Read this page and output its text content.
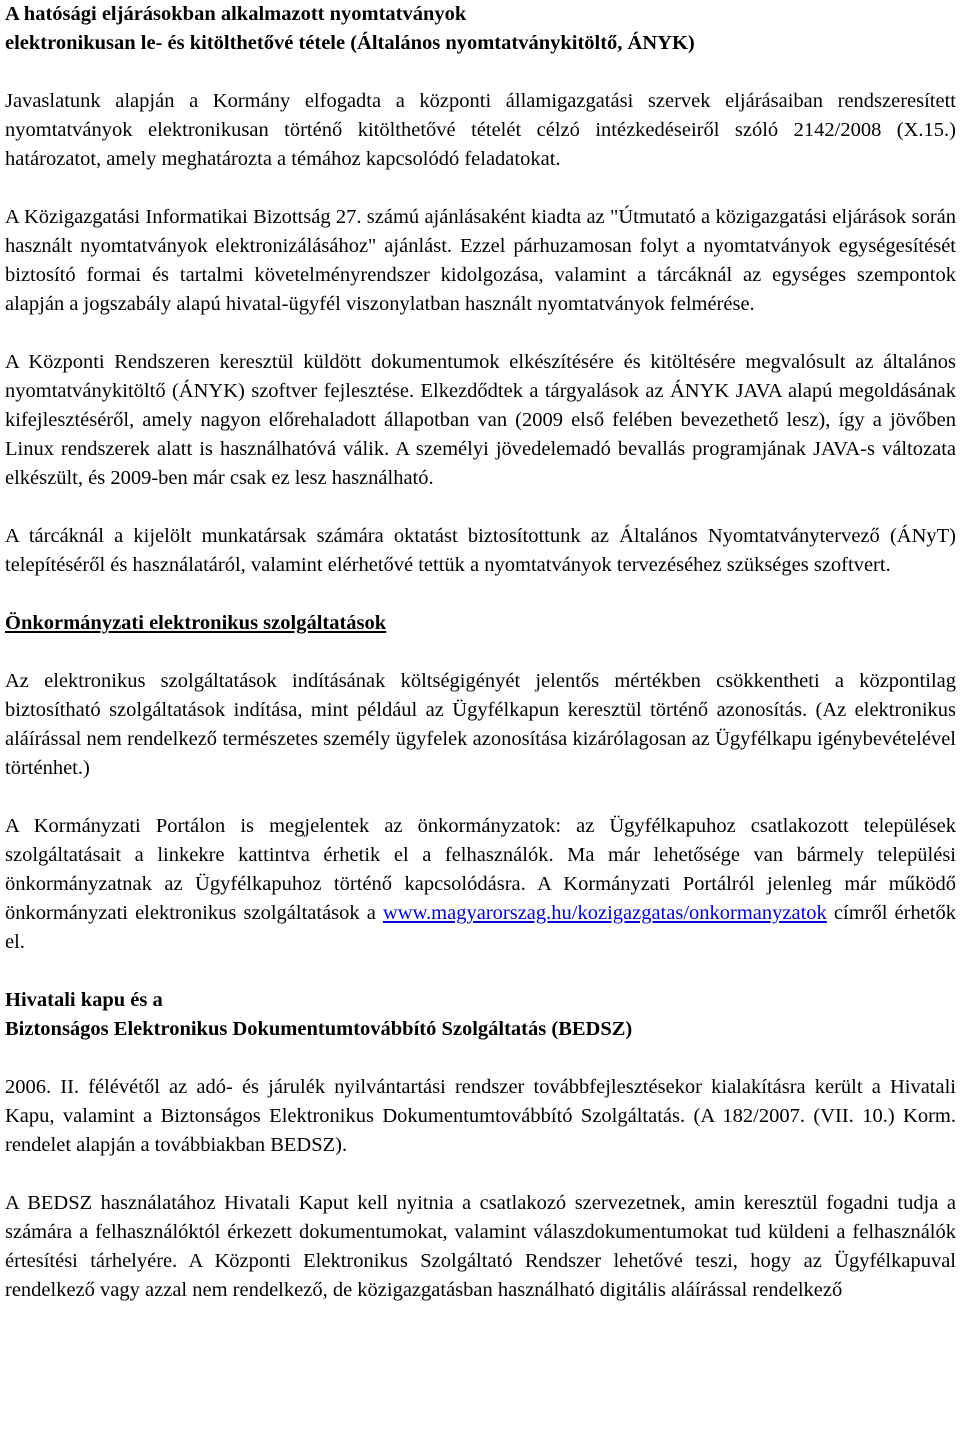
A hatósági eljárásokban alkalmazott nyomtatványok
elektronikusan le- és kitölthetővé tétele (Általános nyomtatványkitöltő, ÁNYK)

Javaslatunk alapján a Kormány elfogadta a központi államigazgatási szervek eljárásaiban rendszeresített nyomtatványok elektronikusan történő kitölthetővé tételét célzó intézkedéseiről szóló 2142/2008 (X.15.) határozatot, amely meghatározta a témához kapcsolódó feladatokat.

A Közigazgatási Informatikai Bizottság 27. számú ajánlásaként kiadta az "Útmutató a közigazgatási eljárások során használt nyomtatványok elektronizálásához" ajánlást. Ezzel párhuzamosan folyt a nyomtatványok egységesítését biztosító formai és tartalmi követelményrendszer kidolgozása, valamint a tárcáknál az egységes szempontok alapján a jogszabály alapú hivatal-ügyfél viszonylatban használt nyomtatványok felmérése.

A Központi Rendszeren keresztül küldött dokumentumok elkészítésére és kitöltésére megvalósult az általános nyomtatványkitöltő (ÁNYK) szoftver fejlesztése. Elkezdődtek a tárgyalások az ÁNYK JAVA alapú megoldásának kifejlesztéséről, amely nagyon előrehaladott állapotban van (2009 első felében bevezethető lesz), így a jövőben Linux rendszerek alatt is használhatóvá válik. A személyi jövedelemadó bevallás programjának JAVA-s változata elkészült, és 2009-ben már csak ez lesz használható.

A tárcáknál a kijelölt munkatársak számára oktatást biztosítottunk az Általános Nyomtatványtervező (ÁNyT) telepítéséről és használatáról, valamint elérhetővé tettük a nyomtatványok tervezéséhez szükséges szoftvert.

Önkormányzati elektronikus szolgáltatások

Az elektronikus szolgáltatások indításának költségigényét jelentős mértékben csökkentheti a központilag biztosítható szolgáltatások indítása, mint például az Ügyfélkapun keresztül történő azonosítás. (Az elektronikus aláírással nem rendelkező természetes személy ügyfelek azonosítása kizárólagosan az Ügyfélkapu igénybevételével történhet.)

A Kormányzati Portálon is megjelentek az önkormányzatok: az Ügyfélkapuhoz csatlakozott települések szolgáltatásait a linkekre kattintva érhetik el a felhasználók. Ma már lehetősége van bármely települési önkormányzatnak az Ügyfélkapuhoz történő kapcsolódásra. A Kormányzati Portálról jelenleg már működő önkormányzati elektronikus szolgáltatások a www.magyarorszag.hu/kozigazgatas/onkormanyzatok címről érhetők el.

Hivatali kapu és a
Biztonságos Elektronikus Dokumentumtovábbító Szolgáltatás (BEDSZ)

2006. II. félévétől az adó- és járulék nyilvántartási rendszer továbbfejlesztésekor kialakításra került a Hivatali Kapu, valamint a Biztonságos Elektronikus Dokumentumtovábbító Szolgáltatás. (A 182/2007. (VII. 10.) Korm. rendelet alapján a továbbiakban BEDSZ).

A BEDSZ használatához Hivatali Kaput kell nyitnia a csatlakozó szervezetnek, amin keresztül fogadni tudja a számára a felhasználóktól érkezett dokumentumokat, valamint válaszdokumentumokat tud küldeni a felhasználók értesítési tárhelyére. A Központi Elektronikus Szolgáltató Rendszer lehetővé teszi, hogy az Ügyfélkapuval rendelkező vagy azzal nem rendelkező, de közigazgatásban használható digitális aláírással rendelkező
